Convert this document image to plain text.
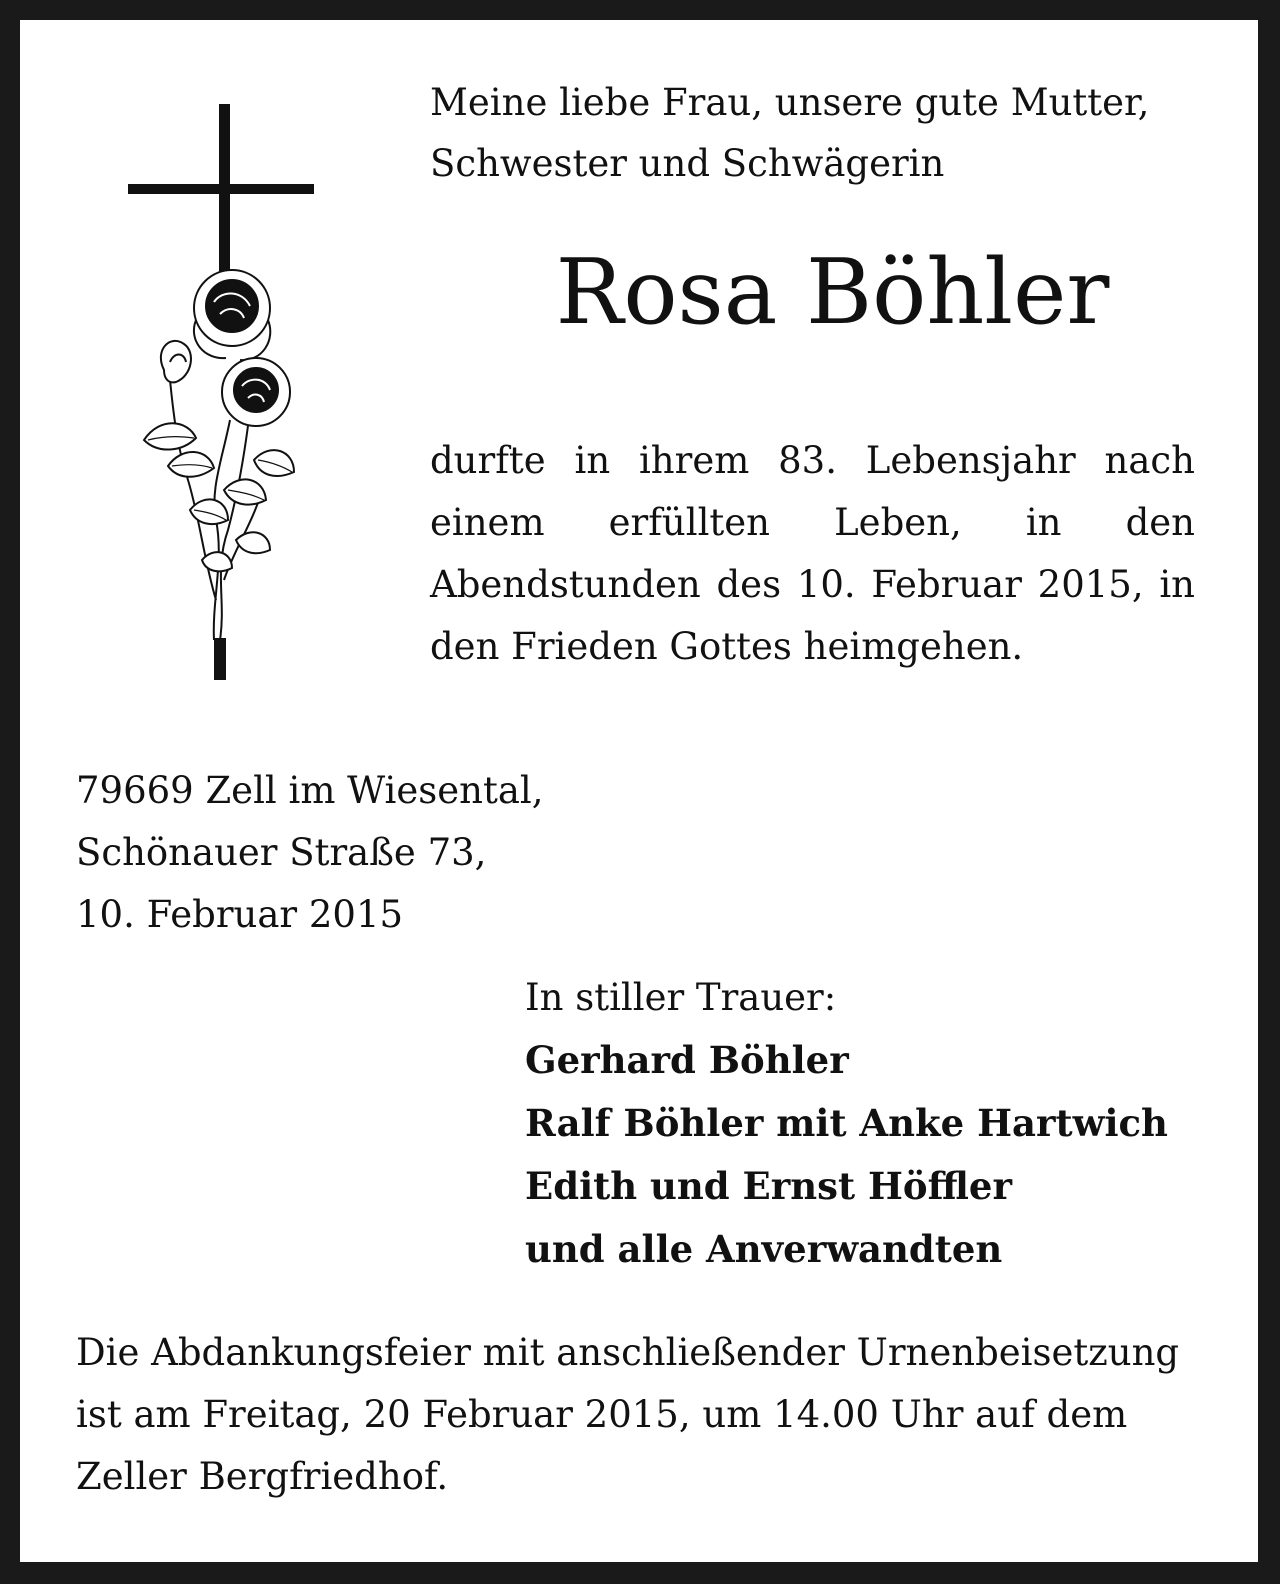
Meine liebe Frau, unsere gute Mutter,
Schwester und Schwägerin

Rosa Böhler

durfte in ihrem 83. Lebensjahr nach einem erfüllten Leben, in den Abendstunden des 10. Februar 2015, in den Frieden Gottes heimgehen.

79669 Zell im Wiesental,
Schönauer Straße 73,
10. Februar 2015

In stiller Trauer:
Gerhard Böhler
Ralf Böhler mit Anke Hartwich
Edith und Ernst Höffler
und alle Anverwandten

Die Abdankungsfeier mit anschließender Urnenbeisetzung
ist am Freitag, 20 Februar 2015, um 14.00 Uhr auf dem
Zeller Bergfriedhof.
